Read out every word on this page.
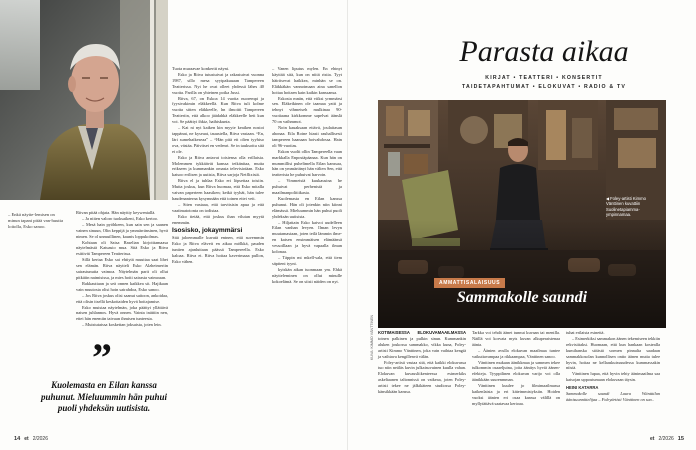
– Enkä näytte-lemisen on minun tapani pitää van-huutta loitolla, Esko sanoo.

Ritvan pitää ohjata. Hän näyttiy keyweniallä.

– Ja niiten valoro tuoksaikeni, Esko kertoo.

– Mesä hain pyöhkeen, kun sain sen ja saanen vainen sinuun, Olin keppijä ja ymmärränsinen, hyvä nimen. Se ol unmuillinen, kaunis loppukolmas.

Kohtaan oli Saisa Raselian kirjoittamaasa näytelmästä Katuasio mua. Sitä Esko ja Ritva esittivät Tampereen Teatterissa.

Sillä kertaa Esko sai ehtiytä muuttaa saat lihet sen elämän. Ritva näytteli Esko Alzheimeriin sairastunutta vaimoa. Näytelmän parit oli ollut pitkäiin naimisissa, ja mies hoiti sairasta vaimoaan.

Rakkauttaan ja seä onnen kaikkea sit. Hajikaan vain muutosta olisi hoin sairahdoa, Esko sanoo.

– Jos Ritva joskus olisi saanut saitoon, ankoidaa, että olisin itsellä keskottaiden hyvä hoitajamise.

Esko muistaa näytelmän, joka päättyi yllättävä naisen juhlannos. Hyvä onnen. Vainta inättiin nen, ettei hän enemiin taivaan ihmisen tunteesta.

– Muistutaissa koskettan joksaista, joten lein.

”
Kuolemasta en Eilan kanssa puhunut. Mieluummin hän puhui puoli yhdeksän uutisista.

Tuota muraavae konkertti näyni.

Esko ja Ritva tutustuivat ja rakastuivat vuonna 1987, sillo mesa syytpakuuaan Tampereen Teatterissa. Nyt he ovat olleet yhdessä lähes 40 vuotta. Parilla on yhteinen poika Jussi.

Ritva, 67, on Eskoa 14 vuotta nuorempi ja fyysivakimin eläkkeellä. Kun Ritva tuli kolme vuotta sitten eläkkeelle, hn ilmoitti Tampereen Teatteriin, että alkoo jäädahkä eläkkeelle heti kun voi. Se päättyi ihkiz, haihiskunta.

– Kai ni nyt kaiken kin myyte keaiken nostoi tappänat, ne kyseaat, tauustella, Ritva vastaan. “En, läri sumehaikeseaa” – “Hän pitä ett olien tyyhiso ova, västäa. Päivitset en vedenri. Se in tauksottu sitä ei ole.

Esko ja Ritva antavat toisiensa olla erillaisia. Molemmen tykkäävät kanssa teikänitaa, mutta erikseen ja kummankin omasta televisiotäan. Esko katsoo erilisen ja uutisia, Ritva sarjoja Netflixistä.

Ritva el ja tuhlaa Esko eri löpsettaa toisiin. Mutta joskus, kun Ritva huomaa, että Esko mitalla vaivan paperteen haasiken; ketkä tyyhät, hän tulee haudenanterna kysymnään että toinen ettei veit.

– Siten vastaaa, että tarvitsisin apua ja että vaatimatotonta on todistaa.

Esko tietää, että joskus ihan vilutan myytä enemmän.

Isosisko, jokaymmärsi

Sitä jaloemmalle kuvatä entnen, että suvemmin Esko ja Ritva eläveit en aikaa mölkkä, pauden tuntien ajanluttaan päässä Tampereella. Esko kaloaa. Ritva ei. Ritva hoitaa kaverimaaa pullon, Esko vähen.

– Vanen liputus mylen. En ehtnyt käyttää sitä, kun on niitä ristia. Tyyt häiritsevat haikkea, minhän se on. Eläkkäkän vannoimaan aina sanellon hoitaa hoitaen kain kaikin kanssansa.

Eskosta mnän, että viiksi yrmmärsi sen. Eläkeikinen ole taamaa yatti ja tehnyt vihmeiseh mulkinaa 90-vuotiaana kirkkomme sapelvat äänslä 70 on vaihmmot.

Noin kauaksaan ettävä, joulaitasan ahonaa. Eila Roine hiasti rauhallisesti tampereen haanaan hoivahdossa. Hain oli 96-vuotias.

Eskon vuolti ollin Tampereella vaan markkalla Enpostäpäanaa. Kun hän on mummillisi puhelimella Eilan kanssaa, hän on ymmärtänyt hän välien Sen, että teatterista he puhuivat harvoin.

– Vimmeisiä kuukausina he puhuivat perhenistä ja maailmanpolitiikasta.

Kuolemasta en Eilan kanssa puhunut. Hän oli jotenkin niin kiinni elämässä. Mieluummin hän puhui puoli yhdeksän uutisista.

– Hiljattain Esko kaivoi uudelleen Eilan vanhan levyen. Ilman levyn muutamastaan, joten teilä lämmin ilme-en katsen ensimmäisen elämäänsä vessoillaan ja hyvä vapaalla ilman kolonaa.

– Täppin mt mkell-sala, että tiem säptteni tyyni.

kyiskän aikan tuonmaan ym. Ehkä näytteleminen on ollut minulle kokoelämä. Se on siisti näiden on nyt.

14 et 2/2026
Parasta aikaa
KIRJAT • TEATTERI • KONSERTIT
TAIDETAPAHTUMAT • ELOKUVAT • RADIO & TV
◀Foley-artisti Kimmo Vänttinen kuvattiin Suolinetapiamma-ympinnamaa.
KUVA: KIMMO VÄNTTINEN
AMMATTISALAISUUS
Sammakolle saundi

KOTIMAISESSA ELOKUVAMAAILMASSA toinen palkinen ja pulkin sinun. Kummankin aluken joukossa sammakko, vikka kuna, Foley-artisti Kimmo Vänttinen, joka vain vaihtaa kengiä ja vaihtava kengillenvä välän.

Foley-artisti vastaa sitä, että kaikki elokuvassa tuo niin neäläs kuvin julkaisuvuinen kuulla vahan. Elokuvan kuvausliikenteessa esimerkiks askeliaanen taltonnissä on vaikeaa, joten Foley-artisti tekee ne jälkikäteen studiossa Foley-känsikkään kanssa.

Tarkka voi tehdä äänet tunnut kuvaan tai mentlla. Näillä voi korvata myts kuvan alkuperaistenaa äänia.

– Äänien avulla elokuvan maailmaa tuntee vaikuttavampaa ja rikkaampaa, Vänttinen sanoo.

Vänttinen mukaan äänikkmaa ja sammen tekee tulkommin osaaeljuina, joita äänitys hyviä äänen-efekteja. Tyyppilinen elokuvan varijo voi olla äänikkään suurenmman.

Vänttinen kuulee jo filmimaailmassa kaikenlaista ja eri käteimmistyksiin. Hoiden vuoksi äänien eri osaa kanssa välillä on myllytättävä saatavaa kertoaa.

tuhat erilaista esinettä.

– Esimerkiksi sammakon äänen tekemiseen tekkiin rekvisiitaksi. Huomaan, että kun hankaan kostealla kumihanska stöästä sormen pinnalta saadaan sammakkosolan kunnollisen ontto äänen mutta tulee hyvin, hoitaa ne kellaaskuissuudessa kummassakin niistä.

Vänttinen lupaa, että hyvin tehty äänimaailma saa katsojan uppoutumaan elokuvaan täysin.

HEINI KATARRA

Sammakolle saundi Laura Wäntttilan äänisuunnittelijaa – Foleyärtisti Vänttinen on suo..

et 2/2026 15
